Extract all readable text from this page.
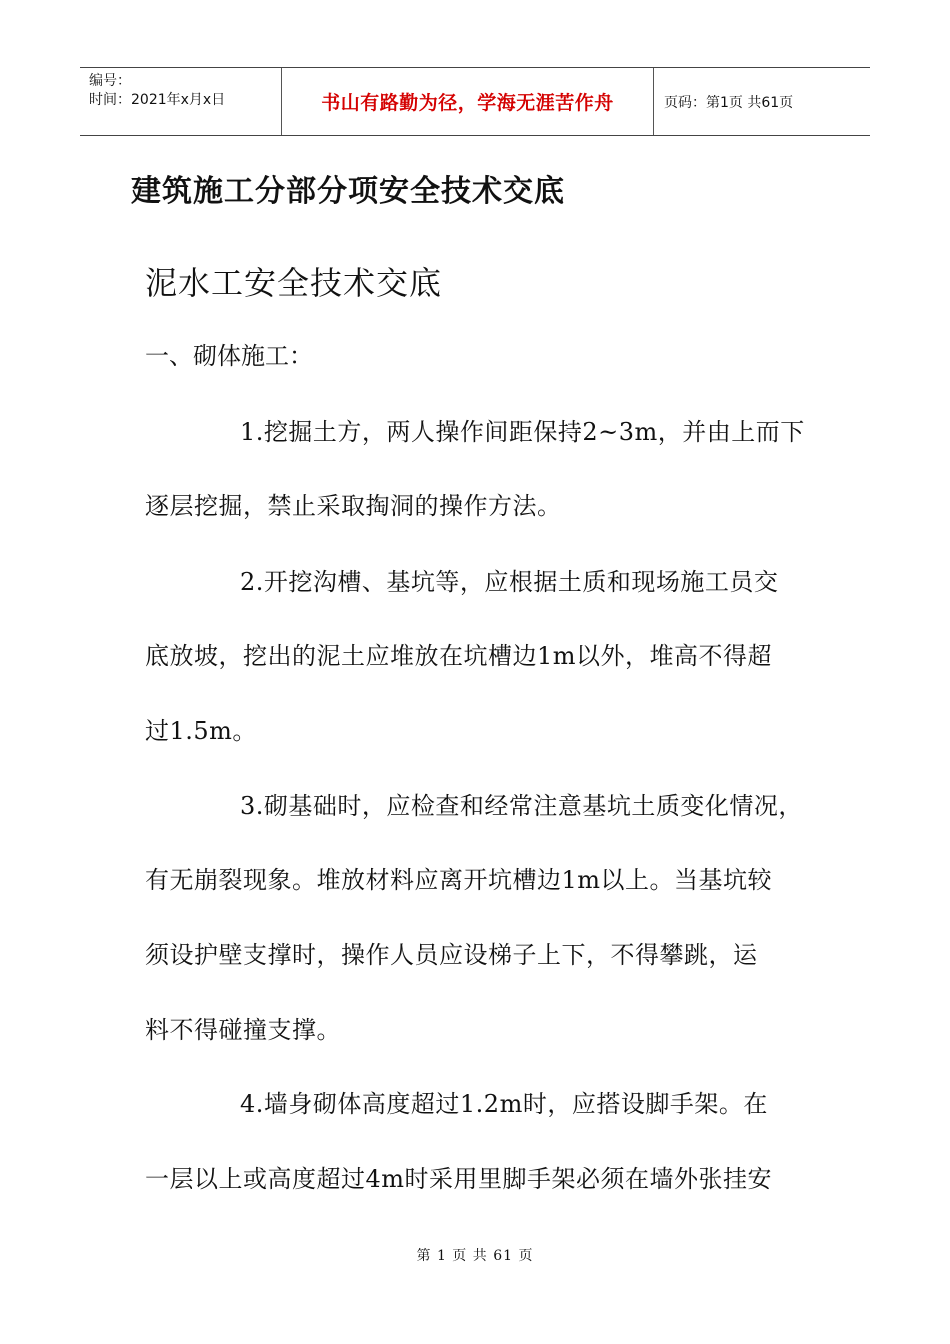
编号：
时间：2021年x月x日	书山有路勤为径，学海无涯苦作舟	页码：第1页 共61页
建筑施工分部分项安全技术交底
泥水工安全技术交底
一、砌体施工：
1.挖掘土方，两人操作间距保持2~3m，并由上而下
逐层挖掘，禁止采取掏洞的操作方法。
2.开挖沟槽、基坑等，应根据土质和现场施工员交
底放坡，挖出的泥土应堆放在坑槽边1m以外，堆高不得超
过1.5m。
3.砌基础时，应检查和经常注意基坑土质变化情况，
有无崩裂现象。堆放材料应离开坑槽边1m以上。当基坑较
须设护壁支撑时，操作人员应设梯子上下，不得攀跳，运
料不得碰撞支撑。
4.墙身砌体高度超过1.2m时，应搭设脚手架。在
一层以上或高度超过4m时采用里脚手架必须在墙外张挂安
第 1 页 共 61 页
